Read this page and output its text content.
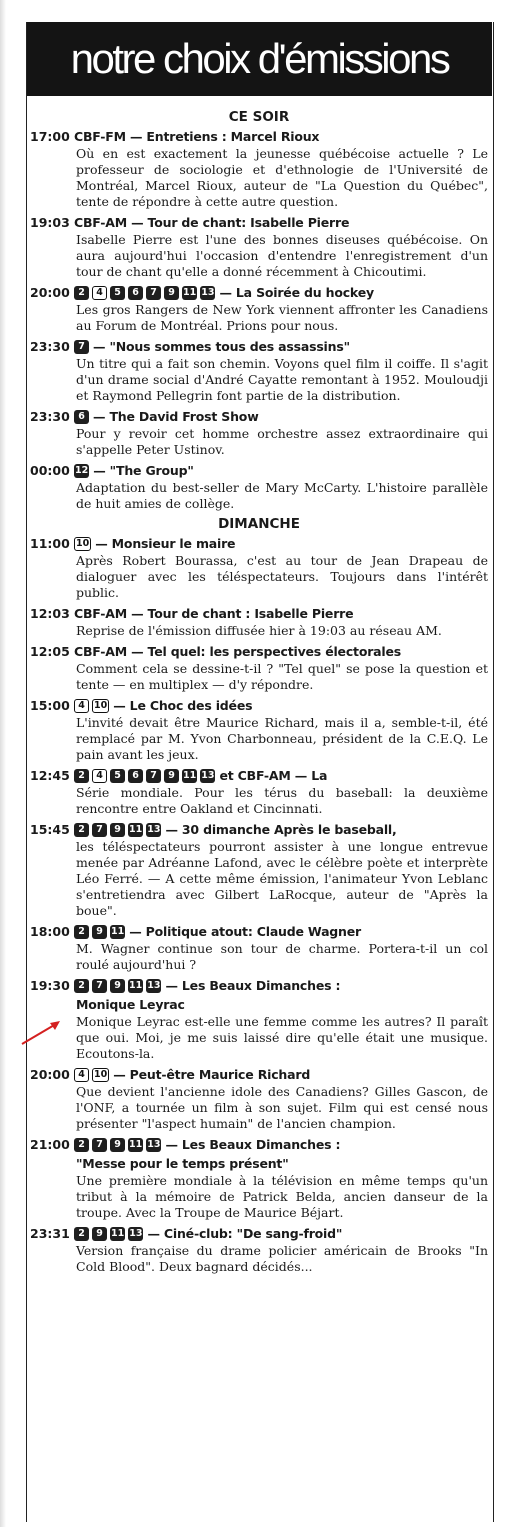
notre choix d'émissions
CE SOIR
17:00 CBF-FM — Entretiens : Marcel Rioux
Où en est exactement la jeunesse québécoise actuelle ? Le professeur de sociologie et d'ethnologie de l'Université de Montréal, Marcel Rioux, auteur de "La Question du Québec", tente de répondre à cette autre question.
19:03 CBF-AM — Tour de chant: Isabelle Pierre
Isabelle Pierre est l'une des bonnes diseuses québécoise. On aura aujourd'hui l'occasion d'entendre l'enregistrement d'un tour de chant qu'elle a donné récemment à Chicoutimi.
20:00 2	4	5	6	7	9 11 13 — La Soirée du hockey
Les gros Rangers de New York viennent affronter les Canadiens au Forum de Montréal. Prions pour nous.
23:30 7 — "Nous sommes tous des assassins"
Un titre qui a fait son chemin. Voyons quel film il coiffe. Il s'agit d'un drame social d'André Cayatte remontant à 1952. Mouloudji et Raymond Pellegrin font partie de la distribution.
23:30 6 — The David Frost Show
Pour y revoir cet homme orchestre assez extraordinaire qui s'appelle Peter Ustinov.
00:00 12 — "The Group"
Adaptation du best-seller de Mary McCarty. L'histoire parallèle de huit amies de collège.
DIMANCHE
11:00 10 — Monsieur le maire
Après Robert Bourassa, c'est au tour de Jean Drapeau de dialoguer avec les téléspectateurs. Toujours dans l'intérêt public.
12:03 CBF-AM — Tour de chant : Isabelle Pierre
Reprise de l'émission diffusée hier à 19:03 au réseau AM.
12:05 CBF-AM — Tel quel: les perspectives électorales
Comment cela se dessine-t-il ? "Tel quel" se pose la question et tente — en multiplex — d'y répondre.
15:00 4 10 — Le Choc des idées
L'invité devait être Maurice Richard, mais il a, semble-t-il, été remplacé par M. Yvon Charbonneau, président de la C.E.Q. Le pain avant les jeux.
12:45 2	4	5	6	7	9 11 13 et CBF-AM — La
Série mondiale. Pour les térus du baseball: la deuxième rencontre entre Oakland et Cincinnati.
15:45 2	7	9 11 13 — 30 dimanche Après le baseball,
les téléspectateurs pourront assister à une longue entrevue menée par Adréanne Lafond, avec le célèbre poète et interprète Léo Ferré. — A cette même émission, l'animateur Yvon Leblanc s'entretiendra avec Gilbert LaRocque, auteur de "Après la boue".
18:00 2	9 11 — Politique atout: Claude Wagner
M. Wagner continue son tour de charme. Portera-t-il un col roulé aujourd'hui ?
19:30 2	7	9 11 13 — Les Beaux Dimanches :
Monique Leyrac
Monique Leyrac est-elle une femme comme les autres? Il paraît que oui. Moi, je me suis laissé dire qu'elle était une musique. Ecoutons-la.
20:00 4 10 — Peut-être Maurice Richard
Que devient l'ancienne idole des Canadiens? Gilles Gascon, de l'ONF, a tournée un film à son sujet. Film qui est censé nous présenter "l'aspect humain" de l'ancien champion.
21:00 2	7	9 11 13 — Les Beaux Dimanches :
"Messe pour le temps présent"
Une première mondiale à la télévision en même temps qu'un tribut à la mémoire de Patrick Belda, ancien danseur de la troupe. Avec la Troupe de Maurice Béjart.
23:31 2	9 11 13 — Ciné-club: "De sang-froid"
Version française du drame policier américain de Brooks "In Cold Blood". Deux bagnard décidés...
